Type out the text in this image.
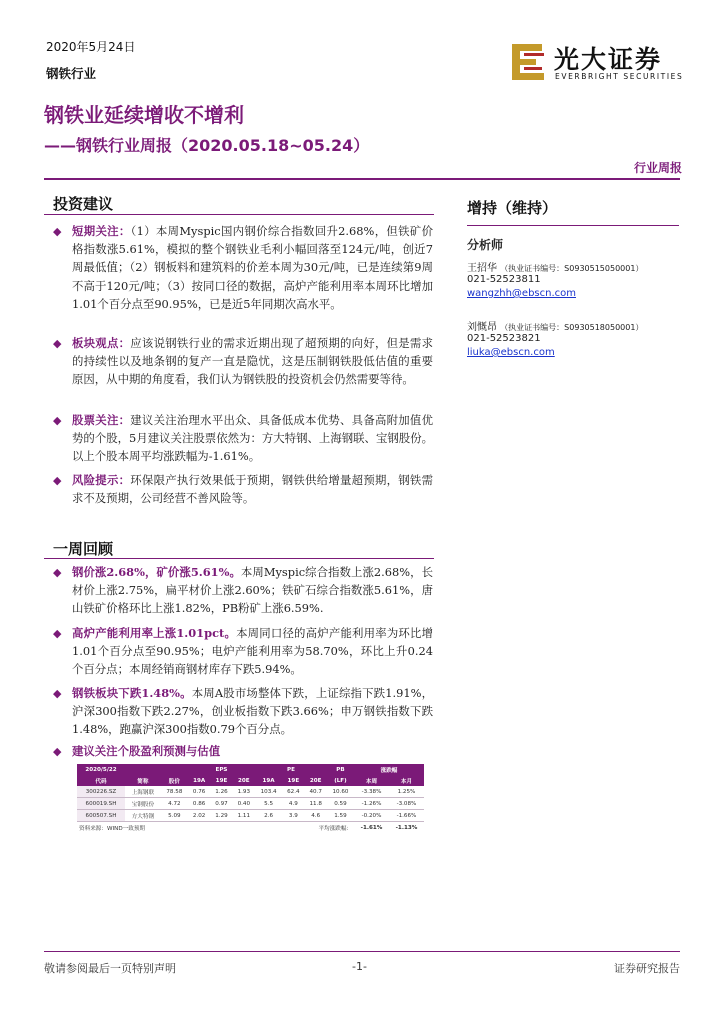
2020年5月24日
钢铁行业	光大证券
EVERBRIGHT SECURITIES
钢铁业延续增收不增利
——钢铁行业周报（2020.05.18~05.24）
行业周报
投资建议
◆ 短期关注：（1）本周Myspic国内钢价综合指数回升2.68%，但铁矿价格指数涨5.61%，模拟的整个钢铁业毛利小幅回落至124元/吨，创近7周最低值；（2）钢板料和建筑料的价差本周为30元/吨，已是连续第9周不高于120元/吨；（3）按同口径的数据，高炉产能利用率本周环比增加1.01个百分点至90.95%，已是近5年同期次高水平。
◆ 板块观点：应该说钢铁行业的需求近期出现了超预期的向好，但是需求的持续性以及地条钢的复产一直是隐忧，这是压制钢铁股低估值的重要原因，从中期的角度看，我们认为钢铁股的投资机会仍然需要等待。
◆ 股票关注：建议关注治理水平出众、具备低成本优势、具备高附加值优势的个股，5月建议关注股票依然为：方大特钢、上海钢联、宝钢股份。以上个股本周平均涨跌幅为-1.61%。
◆ 风险提示：环保限产执行效果低于预期，钢铁供给增量超预期，钢铁需求不及预期，公司经营不善风险等。
一周回顾
◆ 钢价涨2.68%，矿价涨5.61%。本周Myspic综合指数上涨2.68%，长材价上涨2.75%，扁平材价上涨2.60%；铁矿石综合指数涨5.61%，唐山铁矿价格环比上涨1.82%，PB粉矿上涨6.59%.
◆ 高炉产能利用率上涨1.01pct。本周同口径的高炉产能利用率为环比增1.01个百分点至90.95%；电炉产能利用率为58.70%，环比上升0.24个百分点；本周经销商钢材库存下跌5.94%。
◆ 钢铁板块下跌1.48%。本周A股市场整体下跌，上证综指下跌1.91%，沪深300指数下跌2.27%，创业板指数下跌3.66%；申万钢铁指数下跌1.48%，跑赢沪深300指数0.79个百分点。
◆ 建议关注个股盈利预测与估值
2020/5/22			EPS			PE			PB	涨跌幅	
代码	简称	股价	19A	19E	20E	19A	19E	20E	(LF)	本周	本月
300226.SZ	上海钢联	78.58	0.76	1.26	1.93	103.4	62.4	40.7	10.60	-3.38%	1.25%
600019.SH	宝钢股份	4.72	0.86	0.97	0.40	5.5	4.9	11.8	0.59	-1.26%	-3.08%
600507.SH	方大特钢	5.09	2.02	1.29	1.11	2.6	3.9	4.6	1.59	-0.20%	-1.66%
资料来源：WIND一致预期					平均涨跌幅：					-1.61%	-1.13%
增持（维持）
分析师
王招华 （执业证书编号：S0930515050001）
021-52523811
wangzhh@ebscn.com
刘慨昂 （执业证书编号：S0930518050001）
021-52523821
liuka@ebscn.com
敬请参阅最后一页特别声明	-1-	证券研究报告
